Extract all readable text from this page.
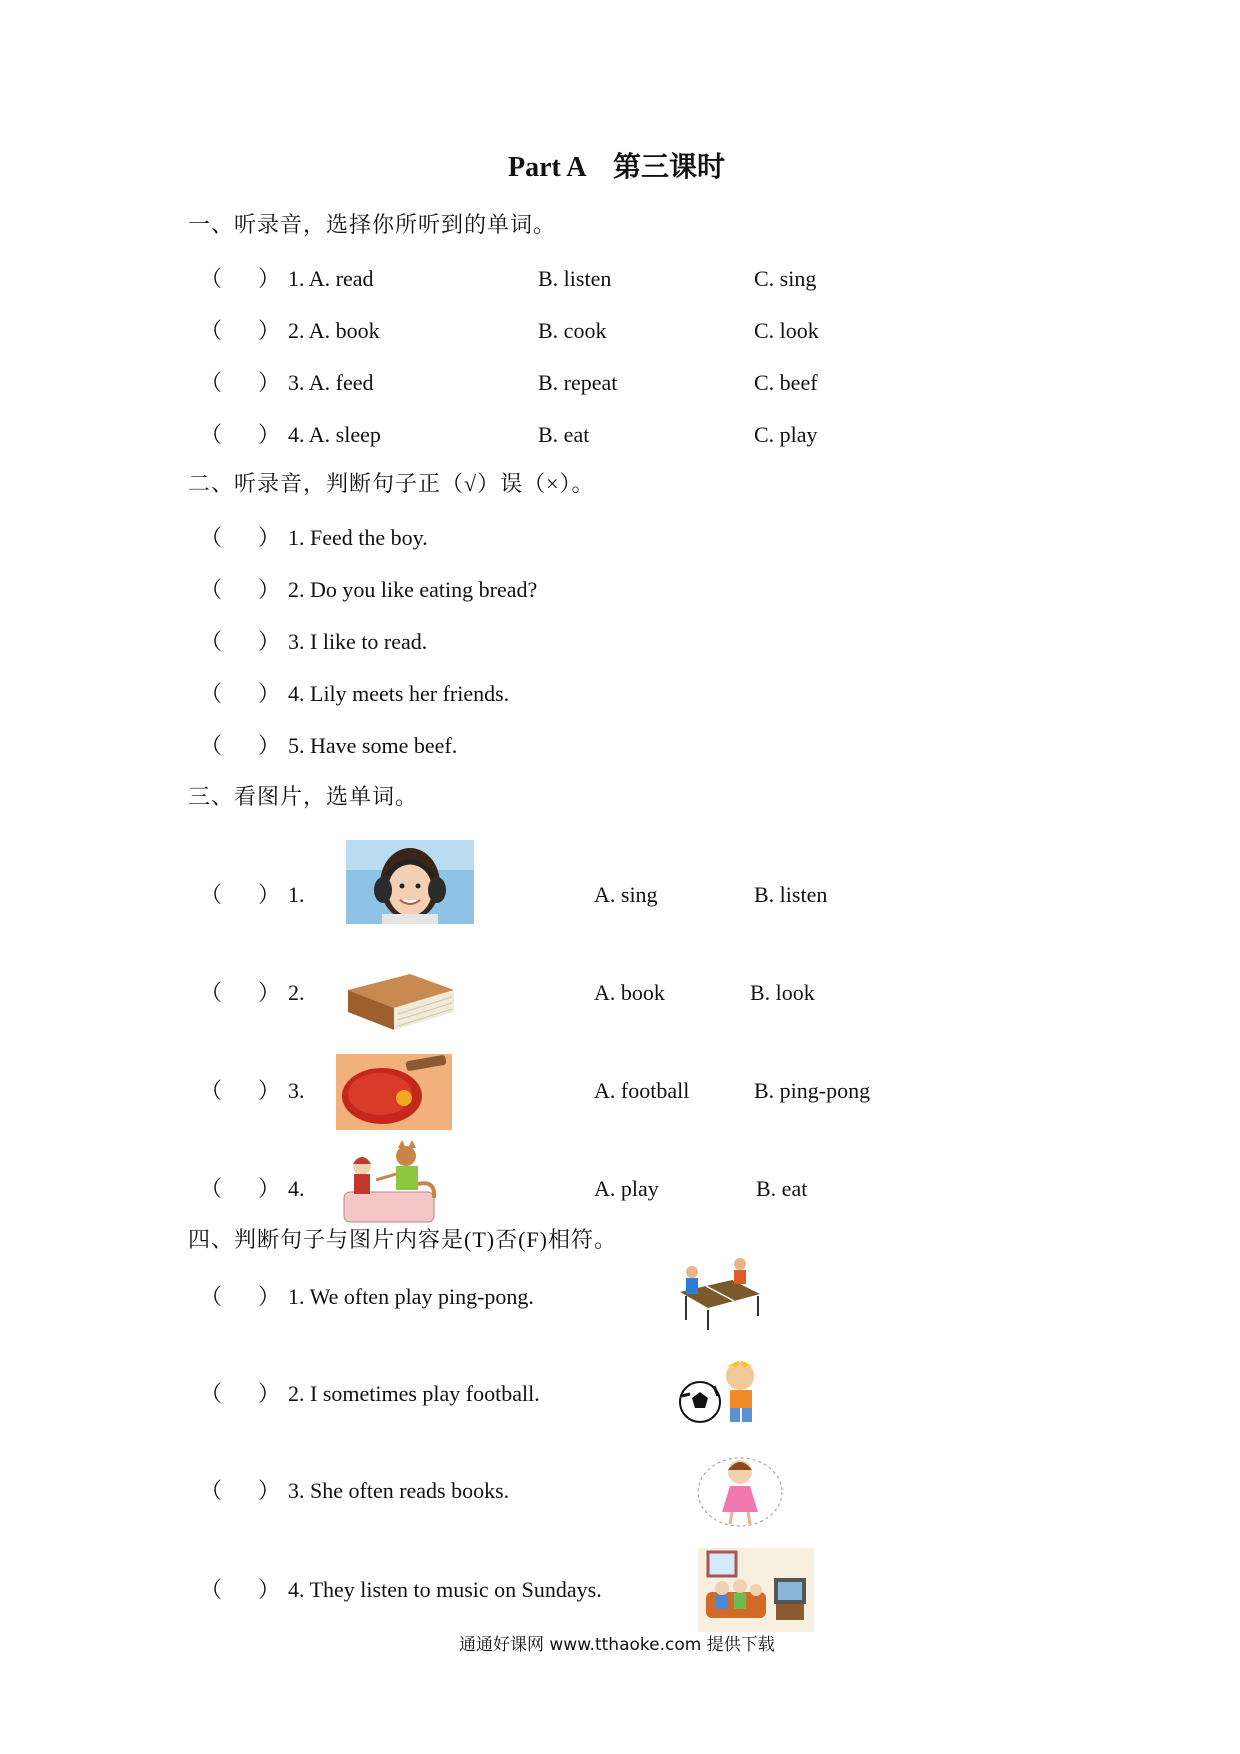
Part A　第三课时
一、听录音，选择你所听到的单词。
（ ） 1. A. read	B. listen	C. sing
（ ） 2. A. book	B. cook	C. look
（ ） 3. A. feed	B. repeat	C. beef
（ ） 4. A. sleep	B. eat	C. play
二、听录音，判断句子正（√）误（×）。
（ ） 1. Feed the boy.
（ ） 2. Do you like eating bread?
（ ） 3. I like to read.
（ ） 4. Lily meets her friends.
（ ） 5. Have some beef.
三、看图片，选单词。
（ ） 1.	A. sing	B. listen
（ ） 2.	A. book	B. look
（ ） 3.	A. football	B. ping-pong
（ ） 4.	A. play	B. eat
四、判断句子与图片内容是(T)否(F)相符。
（ ） 1. We often play ping-pong.
（ ） 2. I sometimes play football.
（ ） 3. She often reads books.
（ ） 4. They listen to music on Sundays.
通通好课网 www.tthaoke.com 提供下载
